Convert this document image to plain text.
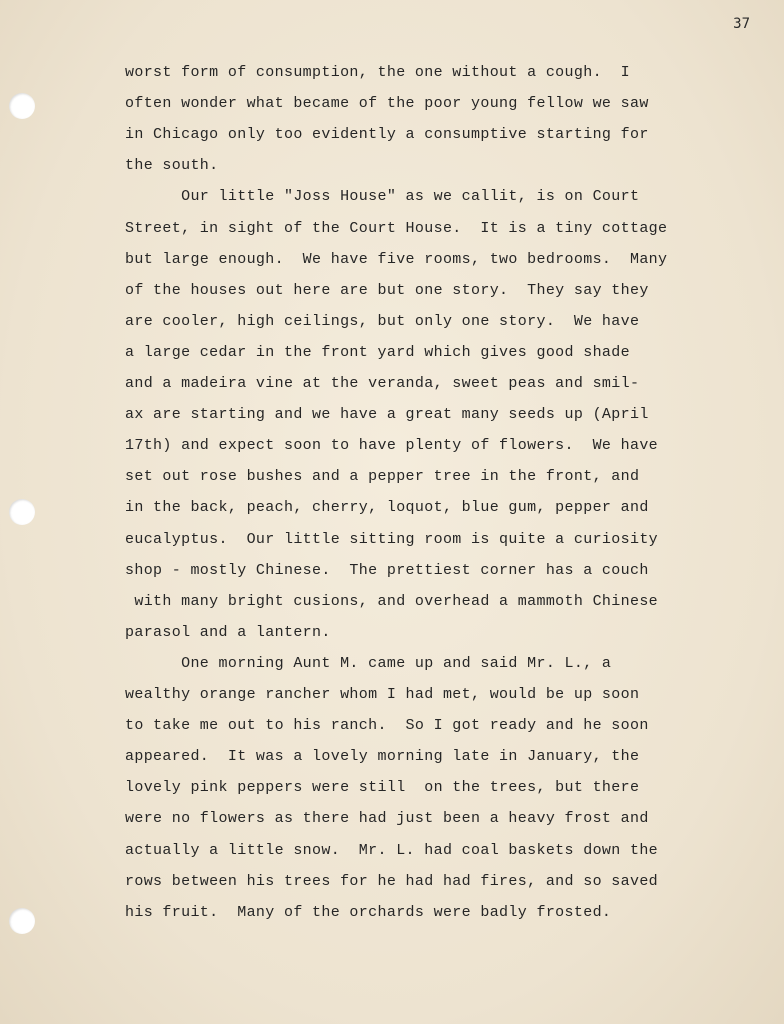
37
worst form of consumption, the one without a cough.  I
often wonder what became of the poor young fellow we saw
in Chicago only too evidently a consumptive starting for
the south.
Our little "Joss House" as we callit, is on Court
Street, in sight of the Court House.  It is a tiny cottage
but large enough.  We have five rooms, two bedrooms.  Many
of the houses out here are but one story.  They say they
are cooler, high ceilings, but only one story.  We have
a large cedar in the front yard which gives good shade
and a madeira vine at the veranda, sweet peas and smil-
ax are starting and we have a great many seeds up (April
17th) and expect soon to have plenty of flowers.  We have
set out rose bushes and a pepper tree in the front, and
in the back, peach, cherry, loquot, blue gum, pepper and
eucalyptus.  Our little sitting room is quite a curiosity
shop - mostly Chinese.  The prettiest corner has a couch
with many bright cusions, and overhead a mammoth Chinese
parasol and a lantern.
One morning Aunt M. came up and said Mr. L., a
wealthy orange rancher whom I had met, would be up soon
to take me out to his ranch.  So I got ready and he soon
appeared.  It was a lovely morning late in January, the
lovely pink peppers were still  on the trees, but there
were no flowers as there had just been a heavy frost and
actually a little snow.  Mr. L. had coal baskets down the
rows between his trees for he had had fires, and so saved
his fruit.  Many of the orchards were badly frosted.
